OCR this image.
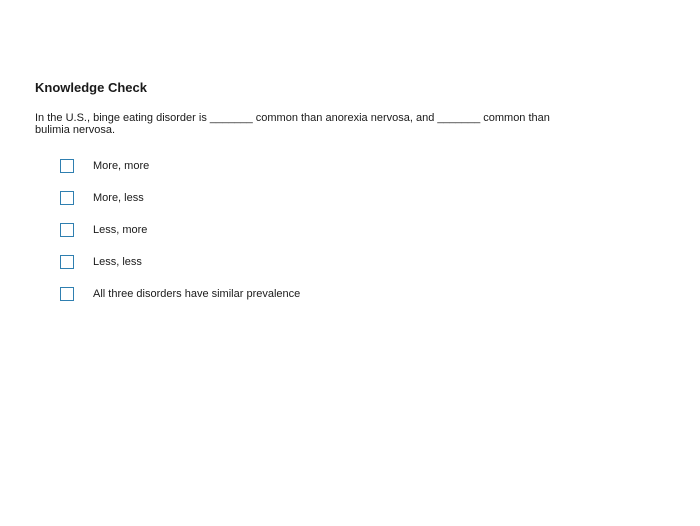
Knowledge Check
In the U.S., binge eating disorder is _______ common than anorexia nervosa, and _______ common than bulimia nervosa.
More, more
More, less
Less, more
Less, less
All three disorders have similar prevalence
